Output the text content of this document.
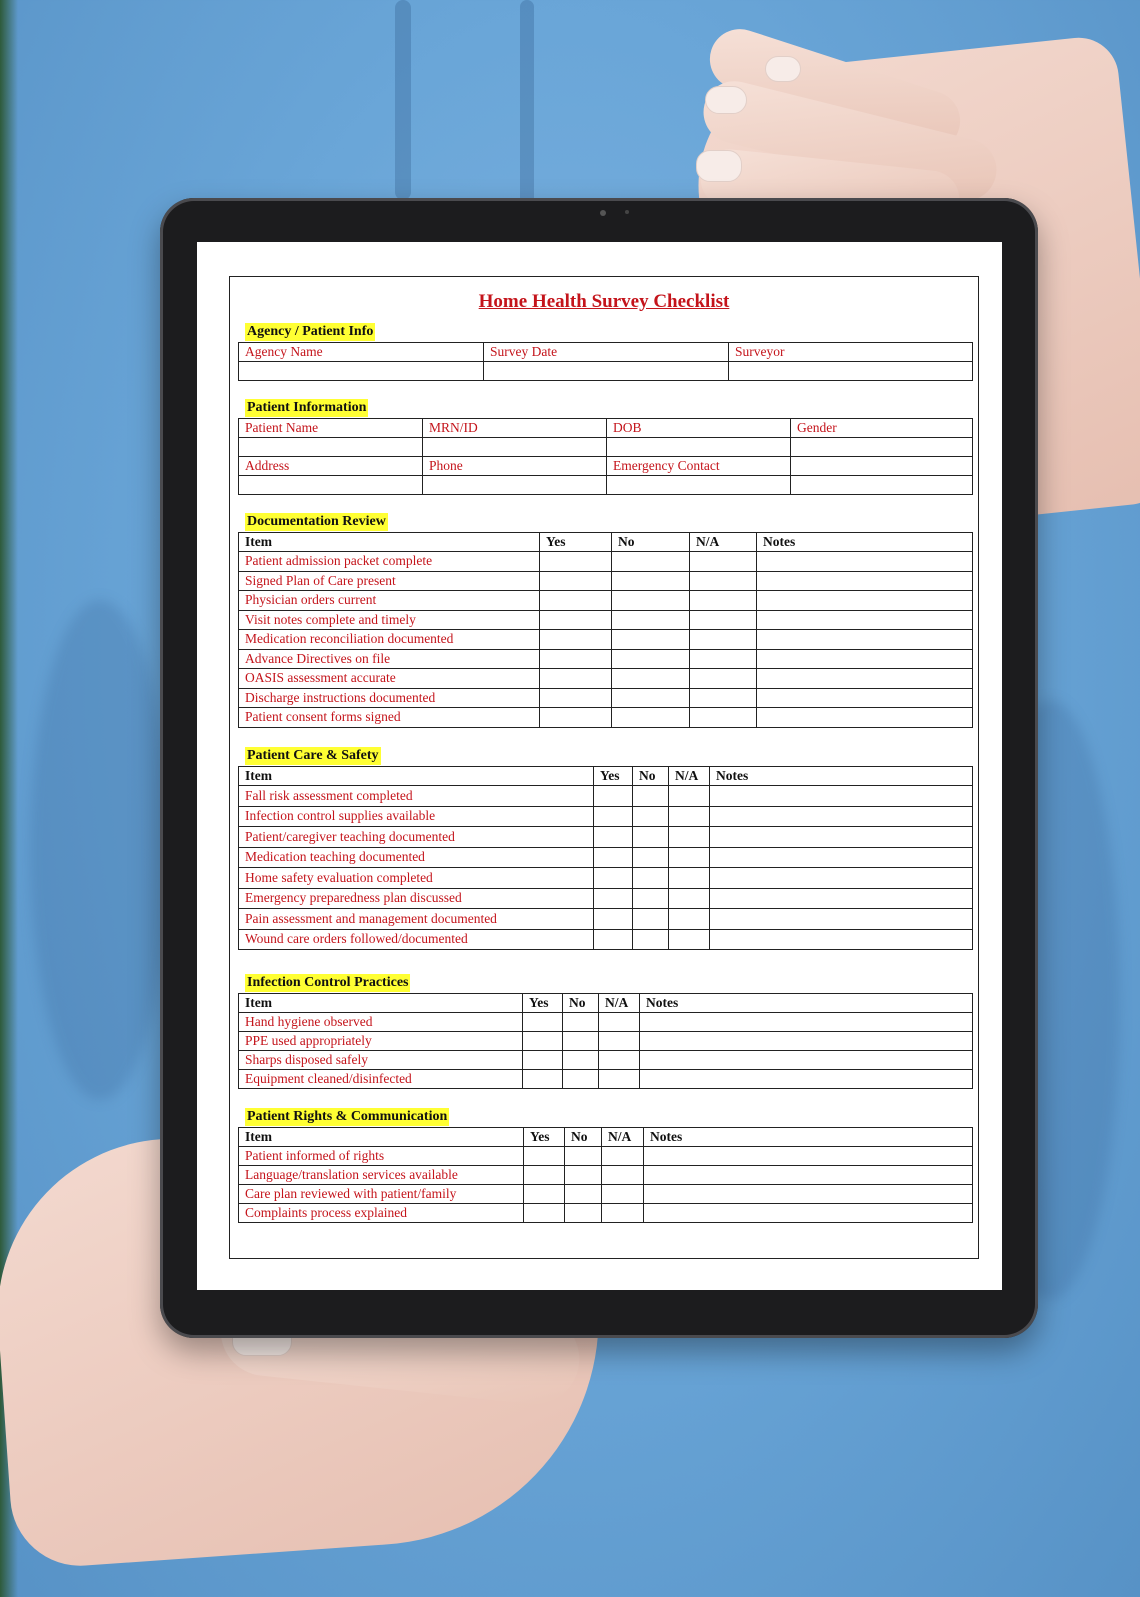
Home Health Survey Checklist
Agency / Patient Info
Agency Name	Survey Date	Surveyor

Patient Information
Patient Name	MRN/ID	DOB	Gender

Address	Phone	Emergency Contact	

Documentation Review
Item	Yes	No	N/A	Notes
Patient admission packet complete				
Signed Plan of Care present				
Physician orders current				
Visit notes complete and timely				
Medication reconciliation documented				
Advance Directives on file				
OASIS assessment accurate				
Discharge instructions documented				
Patient consent forms signed				
Patient Care & Safety
Item	Yes	No	N/A	Notes
Fall risk assessment completed				
Infection control supplies available				
Patient/caregiver teaching documented				
Medication teaching documented				
Home safety evaluation completed				
Emergency preparedness plan discussed				
Pain assessment and management documented				
Wound care orders followed/documented				
Infection Control Practices
Item	Yes	No	N/A	Notes
Hand hygiene observed				
PPE used appropriately				
Sharps disposed safely				
Equipment cleaned/disinfected				
Patient Rights & Communication
Item	Yes	No	N/A	Notes
Patient informed of rights				
Language/translation services available				
Care plan reviewed with patient/family				
Complaints process explained				
